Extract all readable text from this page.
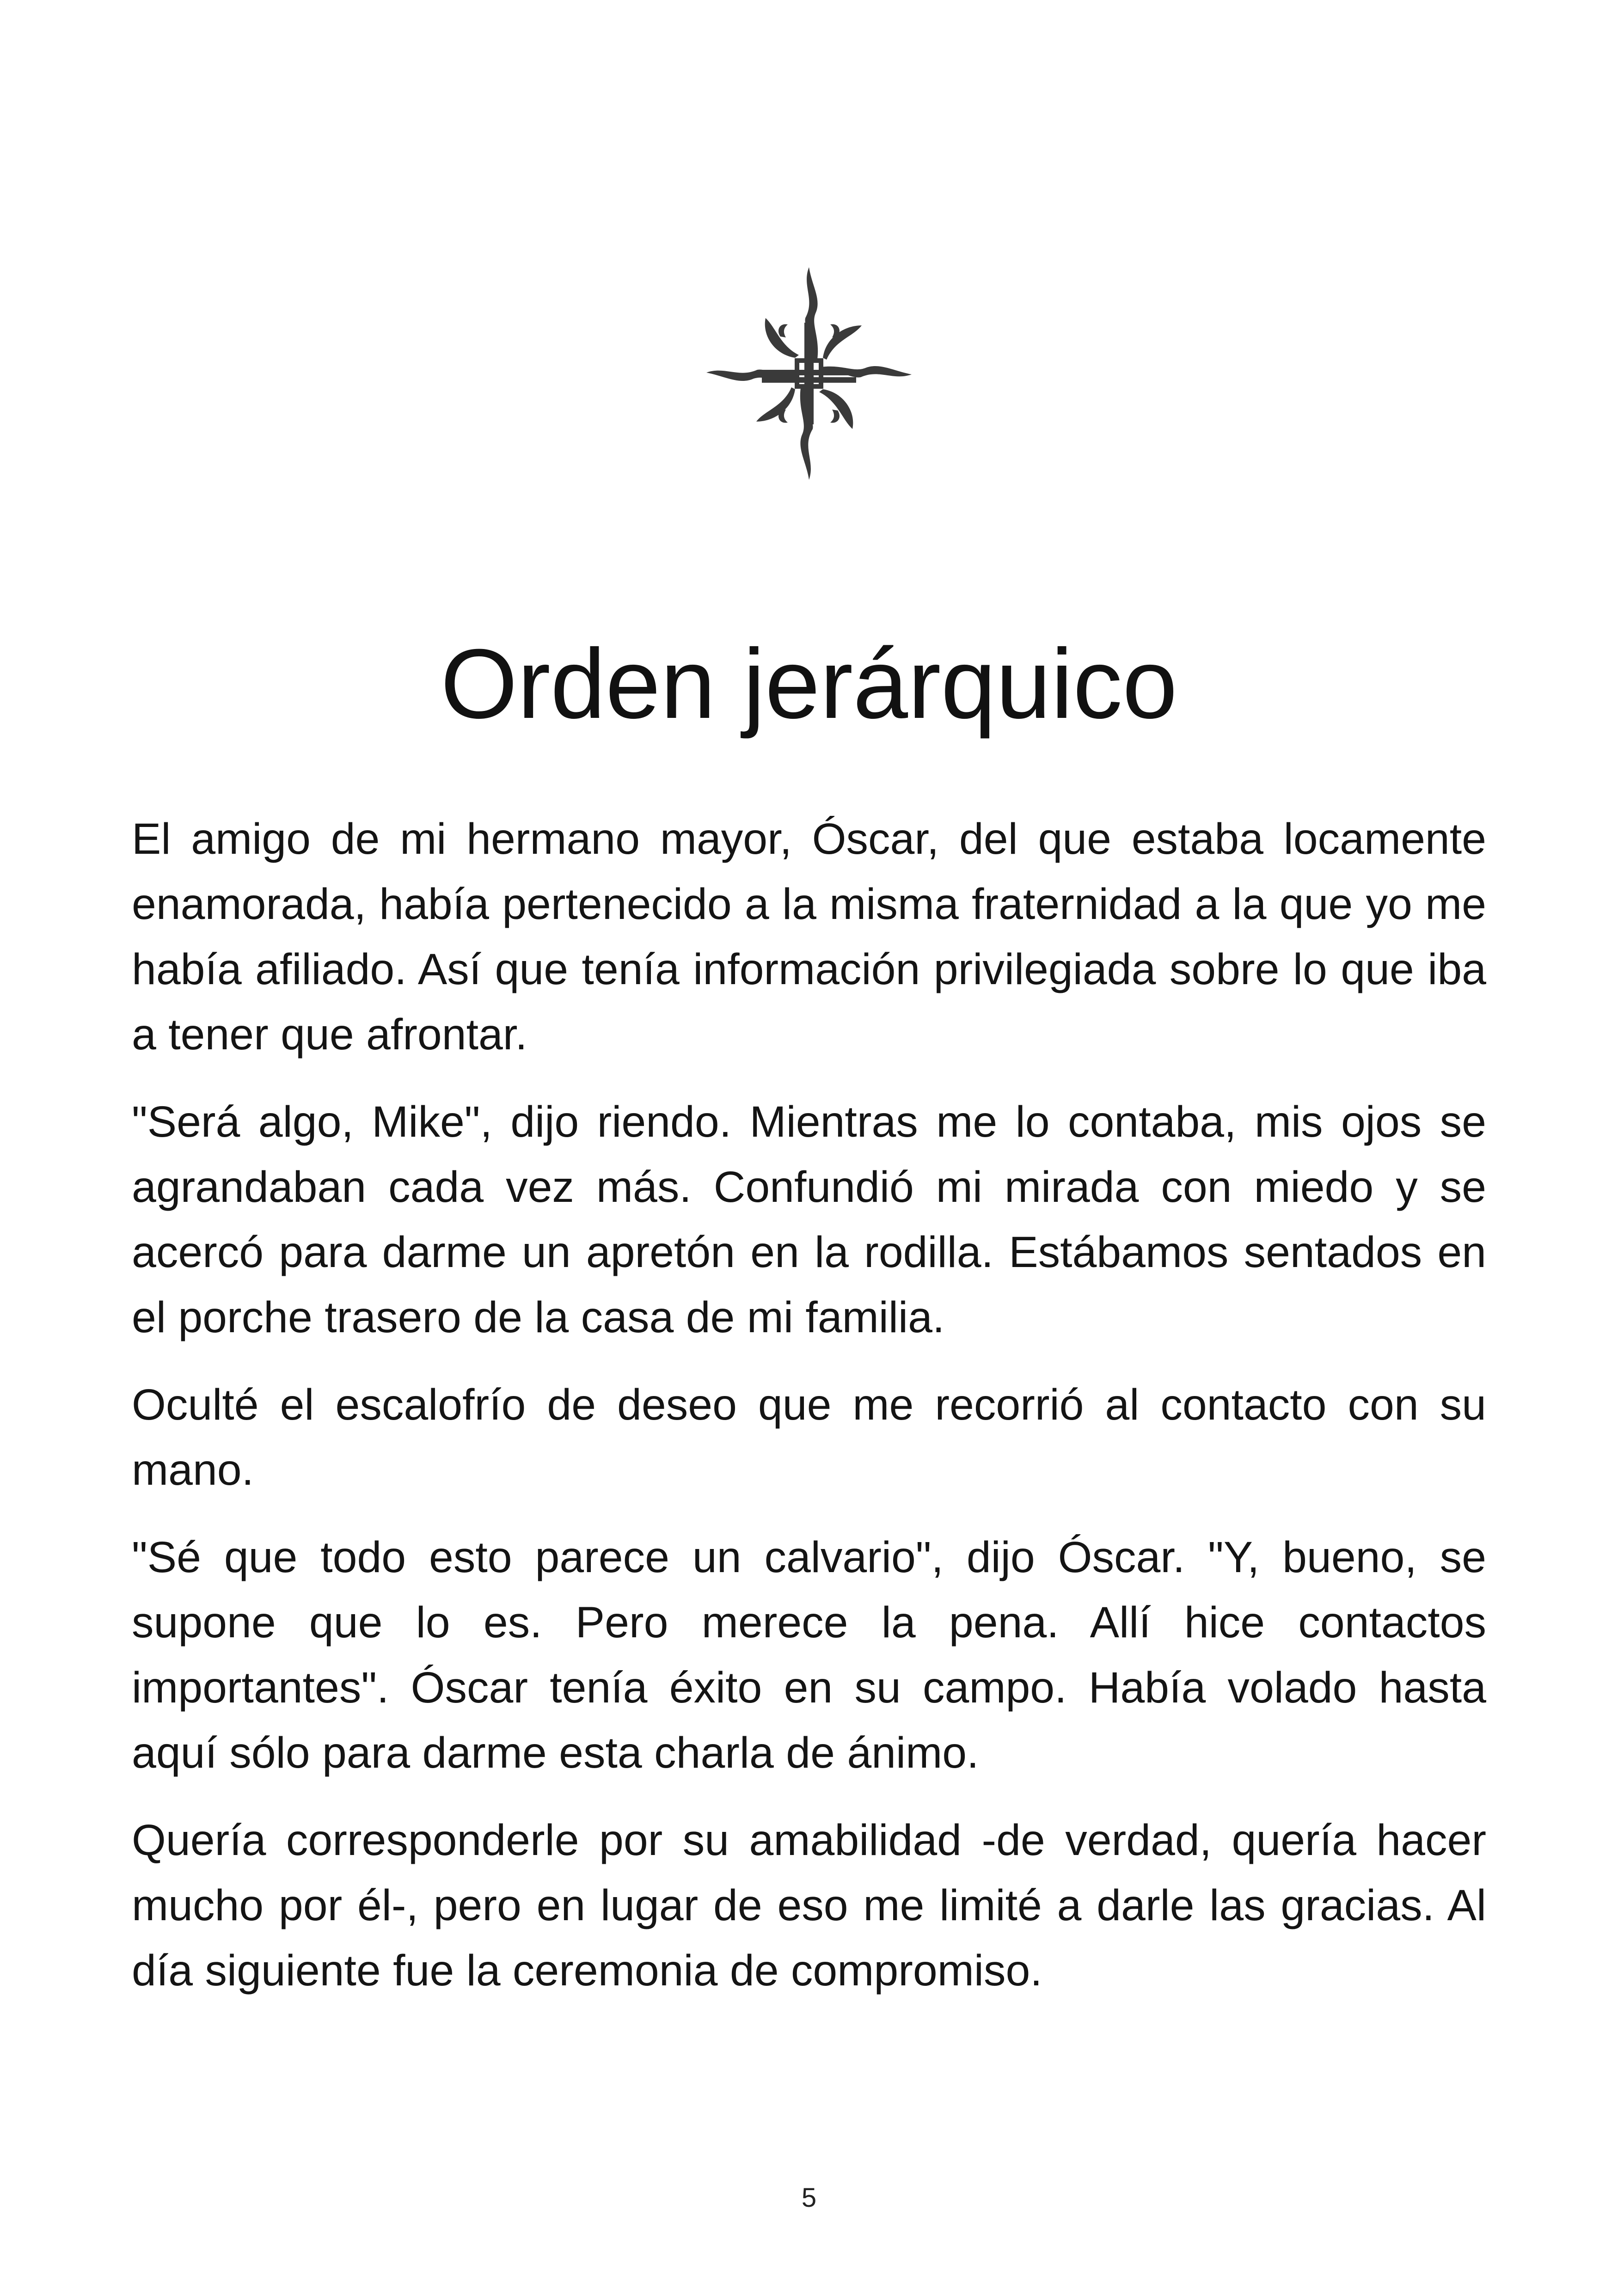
Orden jerárquico

El amigo de mi hermano mayor, Óscar, del que estaba locamente enamorada, había pertenecido a la misma fraternidad a la que yo me había afiliado. Así que tenía información privilegiada sobre lo que iba a tener que afrontar.

"Será algo, Mike", dijo riendo. Mientras me lo contaba, mis ojos se agrandaban cada vez más. Confundió mi mirada con miedo y se acercó para darme un apretón en la rodilla. Estábamos sentados en el porche trasero de la casa de mi familia.

Oculté el escalofrío de deseo que me recorrió al contacto con su mano.

"Sé que todo esto parece un calvario", dijo Óscar. "Y, bueno, se supone que lo es. Pero merece la pena. Allí hice contactos importantes". Óscar tenía éxito en su campo. Había volado hasta aquí sólo para darme esta charla de ánimo.

Quería corresponderle por su amabilidad -de verdad, quería hacer mucho por él-, pero en lugar de eso me limité a darle las gracias. Al día siguiente fue la ceremonia de compromiso.

5
